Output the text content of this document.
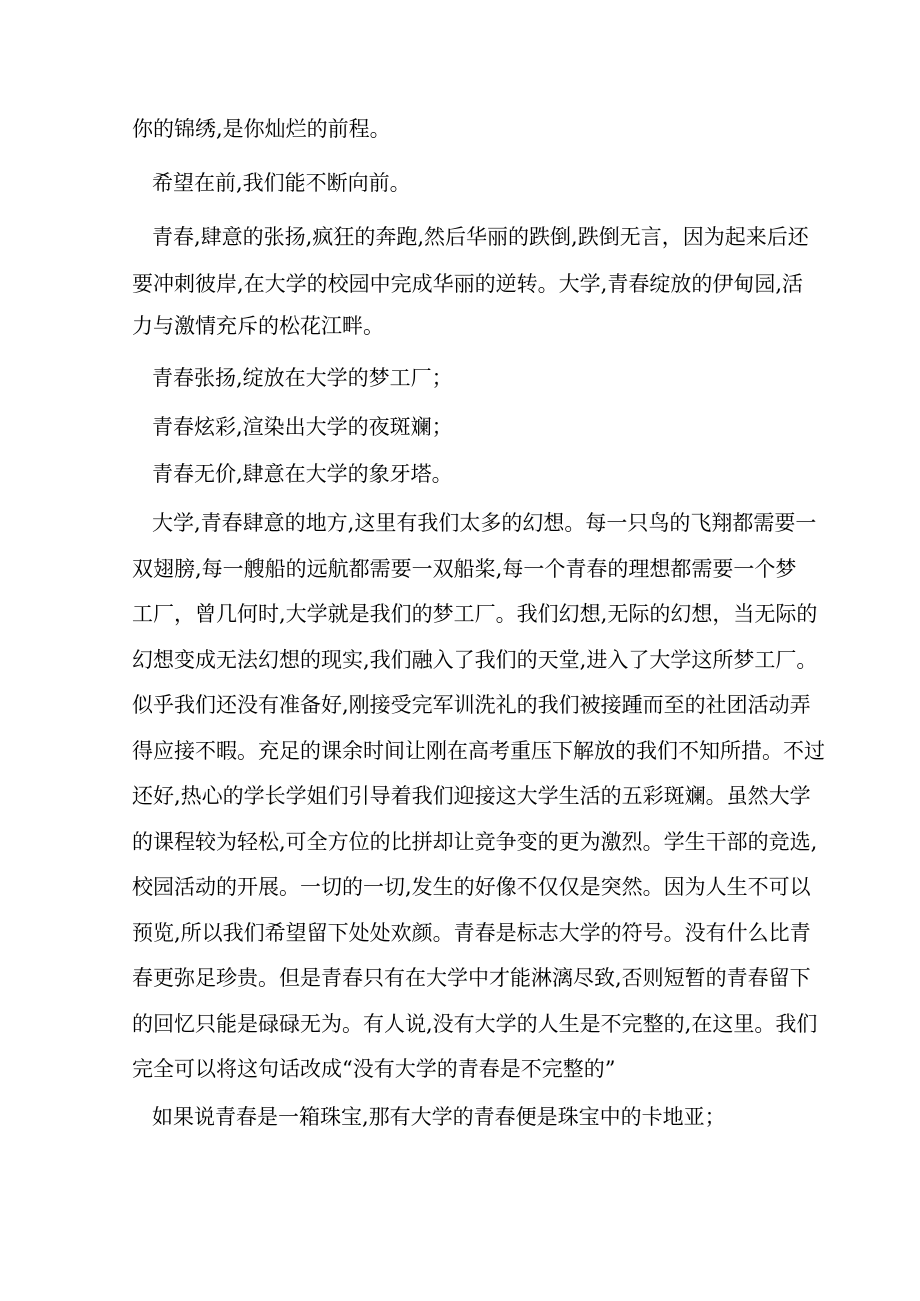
你的锦绣,是你灿烂的前程。
希望在前,我们能不断向前。
青春,肆意的张扬,疯狂的奔跑,然后华丽的跌倒,跌倒无言，因为起来后还
要冲刺彼岸,在大学的校园中完成华丽的逆转。大学,青春绽放的伊甸园,活
力与激情充斥的松花江畔。
青春张扬,绽放在大学的梦工厂；
青春炫彩,渲染出大学的夜斑斓；
青春无价,肆意在大学的象牙塔。
大学,青春肆意的地方,这里有我们太多的幻想。每一只鸟的飞翔都需要一
双翅膀,每一艘船的远航都需要一双船桨,每一个青春的理想都需要一个梦
工厂，曾几何时,大学就是我们的梦工厂。我们幻想,无际的幻想，当无际的
幻想变成无法幻想的现实,我们融入了我们的天堂,进入了大学这所梦工厂。
似乎我们还没有准备好,刚接受完军训洗礼的我们被接踵而至的社团活动弄
得应接不暇。充足的课余时间让刚在高考重压下解放的我们不知所措。不过
还好,热心的学长学姐们引导着我们迎接这大学生活的五彩斑斓。虽然大学
的课程较为轻松,可全方位的比拼却让竞争变的更为激烈。学生干部的竞选,
校园活动的开展。一切的一切,发生的好像不仅仅是突然。因为人生不可以
预览,所以我们希望留下处处欢颜。青春是标志大学的符号。没有什么比青
春更弥足珍贵。但是青春只有在大学中才能淋漓尽致,否则短暂的青春留下
的回忆只能是碌碌无为。有人说,没有大学的人生是不完整的,在这里。我们
完全可以将这句话改成“没有大学的青春是不完整的”
如果说青春是一箱珠宝,那有大学的青春便是珠宝中的卡地亚；
